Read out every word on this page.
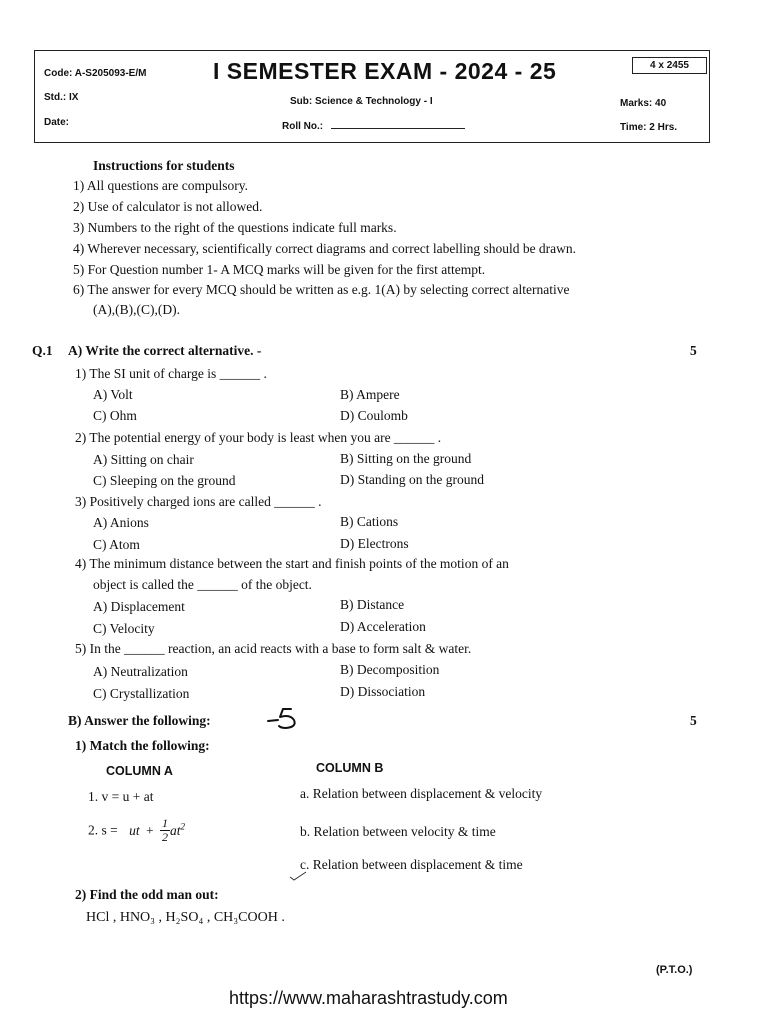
Code: A-S205093-E/M	I SEMESTER EXAM - 2024 - 25	4 x 2455
Std.: IX	Sub: Science & Technology - I	Marks: 40
Date:	Roll No.:	Time: 2 Hrs.
Instructions for students
1) All questions are compulsory.
2) Use of calculator is not allowed.
3) Numbers to the right of the questions indicate full marks.
4) Wherever necessary, scientifically correct diagrams and correct labelling should be drawn.
5) For Question number 1- A MCQ marks will be given for the first attempt.
6) The answer for every MCQ should be written as e.g. 1(A) by selecting correct alternative
(A),(B),(C),(D).
Q.1 A) Write the correct alternative. -	5
1) The SI unit of charge is ______ .
A) Volt	B) Ampere
C) Ohm	D) Coulomb
2) The potential energy of your body is least when you are ______ .
A) Sitting on chair	B) Sitting on the ground
C) Sleeping on the ground	D) Standing on the ground
3) Positively charged ions are called ______ .
A) Anions	B) Cations
C) Atom	D) Electrons
4) The minimum distance between the start and finish points of the motion of an
object is called the ______ of the object.
A) Displacement	B) Distance
C) Velocity	D) Acceleration
5) In the ______ reaction, an acid reacts with a base to form salt & water.
A) Neutralization	B) Decomposition
C) Crystallization	D) Dissociation
B) Answer the following:	5
1) Match the following:
COLUMN A	COLUMN B
1. v = u + at	a. Relation between displacement & velocity
2. s = ut + $\frac{1}{2} at^2$	b. Relation between velocity & time
c. Relation between displacement & time
2) Find the odd man out:
HCl , HNO₃ , H₂SO₄ , CH₃COOH .
(P.T.O.)
https://www.maharashtrastudy.com
